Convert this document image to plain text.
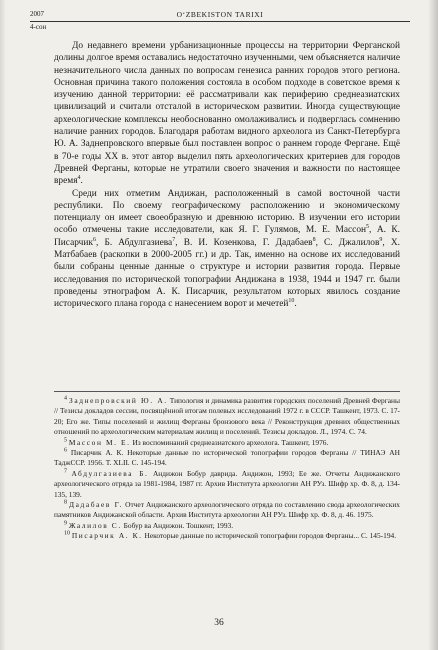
2007	O‘ZBEKISTON TARIXI
4-сон

До недавнего времени урбанизационные процессы на территории Ферганской долины долгое время оставались недостаточно изученными, чем объясняется наличие незначительного числа данных по вопросам генезиса ранних городов этого региона. Основная причина такого положения состояла в особом подходе в советское время к изучению данной территории: её рассматривали как периферию среднеазиатских цивилизаций и считали отсталой в историческом развитии. Иногда существующие археологические комплексы необоснованно омолаживались и подверглась сомнению наличие ранних городов. Благодаря работам видного археолога из Санкт-Петербурга Ю. А. Заднепровского впервые был поставлен вопрос о раннем городе Фергане. Ещё в 70-е годы XX в. этот автор выделил пять археологических критериев для городов Древней Ферганы, которые не утратили своего значения и важности по настоящее время$^4$.

Среди них отметим Андижан, расположенный в самой восточной части республики. По своему географическому расположению и экономическому потенциалу он имеет своеобразную и древнюю историю. В изучении его истории особо отмечены такие исследователи, как Я. Г. Гулямов, М. Е. Массон$^5$, А. К. Писарчик$^6$, Б. Абдулгазиева$^7$, В. И. Козенкова, Г. Дадабаев$^8$, С. Джалилов$^9$, Х. Матбабаев (раскопки в 2000-2005 гг.) и др. Так, именно на основе их исследований были собраны ценные данные о структуре и истории развития города. Первые исследования по исторической топографии Андижана в 1938, 1944 и 1947 гг. были проведены этнографом А. К. Писарчик, результатом которых явилось создание исторического плана города с нанесением ворот и мечетей$^{10}$.

$^4$ Заднепровский Ю. А. Типология и динамика развития городских поселений Древней Ферганы // Тезисы докладов сессии, посвящённой итогам полевых исследований 1972 г. в СССР. Ташкент, 1973. С. 17-20; Его же. Типы поселений и жилищ Ферганы бронзового века // Реконструкция древних общественных отношений по археологическим материалам жилищ и поселений. Тезисы докладов. Л., 1974. С. 74.

$^5$ Массон М. Е. Из воспоминаний среднеазиатского археолога. Ташкент, 1976.

$^6$ Писарчик А. К. Некоторые данные по исторической топографии городов Ферганы // ТИНАЭ АН ТаджССР. 1956. Т. XLII. С. 145-194.

$^7$ Абдулгазиева Б. Андижон Бобур даврида. Андижон, 1993; Ее же. Отчеты Андижанского археологического отряда за 1981-1984, 1987 гг. Архив Института археологии АН РУз. Шифр хр. Ф. 8, д. 134-135, 139.

$^8$ Дадабаев Г. Отчет Андижанского археологического отряда по составлению свода археологических памятников Андижанской области. Архив Института археологии АН РУз. Шифр хр. Ф. 8, д. 46. 1975.

$^9$ Жалилов С. Бобур ва Андижон. Тошкент, 1993.

$^{10}$ Писарчик А. К. Некоторые данные по исторической топографии городов Ферганы... С. 145-194.

36
